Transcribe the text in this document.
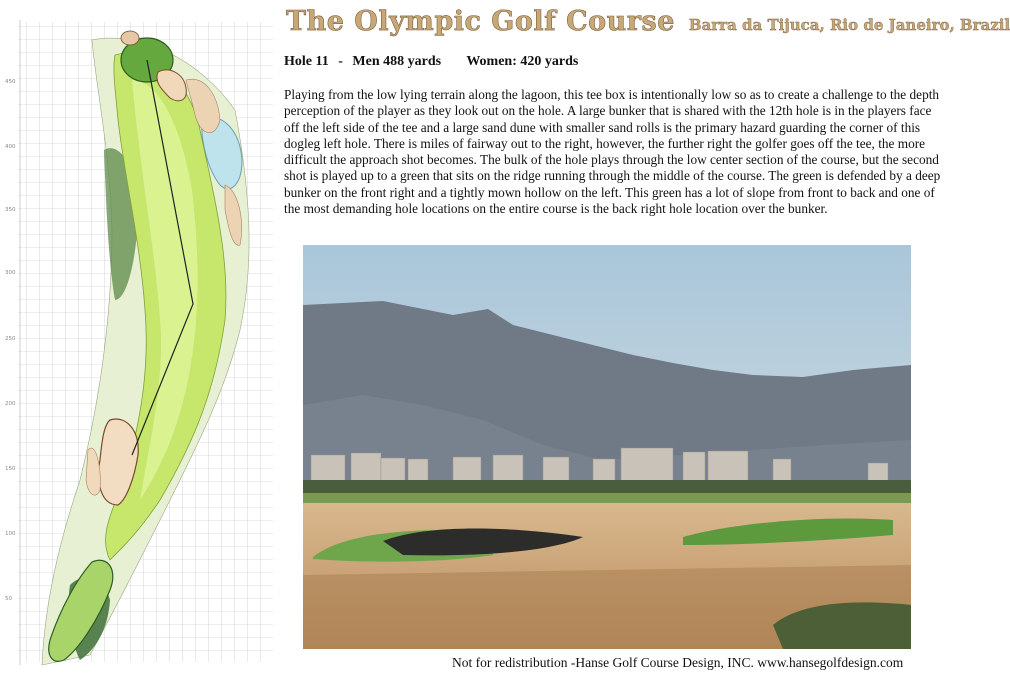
450
400
350
300
250
200
150
100
50
The Olympic Golf Course Barra da Tijuca, Rio de Janeiro, Brazil
Hole 11 - Men 488 yards Women: 420 yards

Playing from the low lying terrain along the lagoon, this tee box is intentionally low so as to create a challenge to the depth perception of the player as they look out on the hole. A large bunker that is shared with the 12th hole is in the players face off the left side of the tee and a large sand dune with smaller sand rolls is the primary hazard guarding the corner of this dogleg left hole. There is miles of fairway out to the right, however, the further right the golfer goes off the tee, the more difficult the approach shot becomes. The bulk of the hole plays through the low center section of the course, but the second shot is played up to a green that sits on the ridge running through the middle of the course. The green is defended by a deep bunker on the front right and a tightly mown hollow on the left. This green has a lot of slope from front to back and one of the most demanding hole locations on the entire course is the back right hole location over the bunker.

Not for redistribution -Hanse Golf Course Design, INC. www.hansegolfdesign.com
